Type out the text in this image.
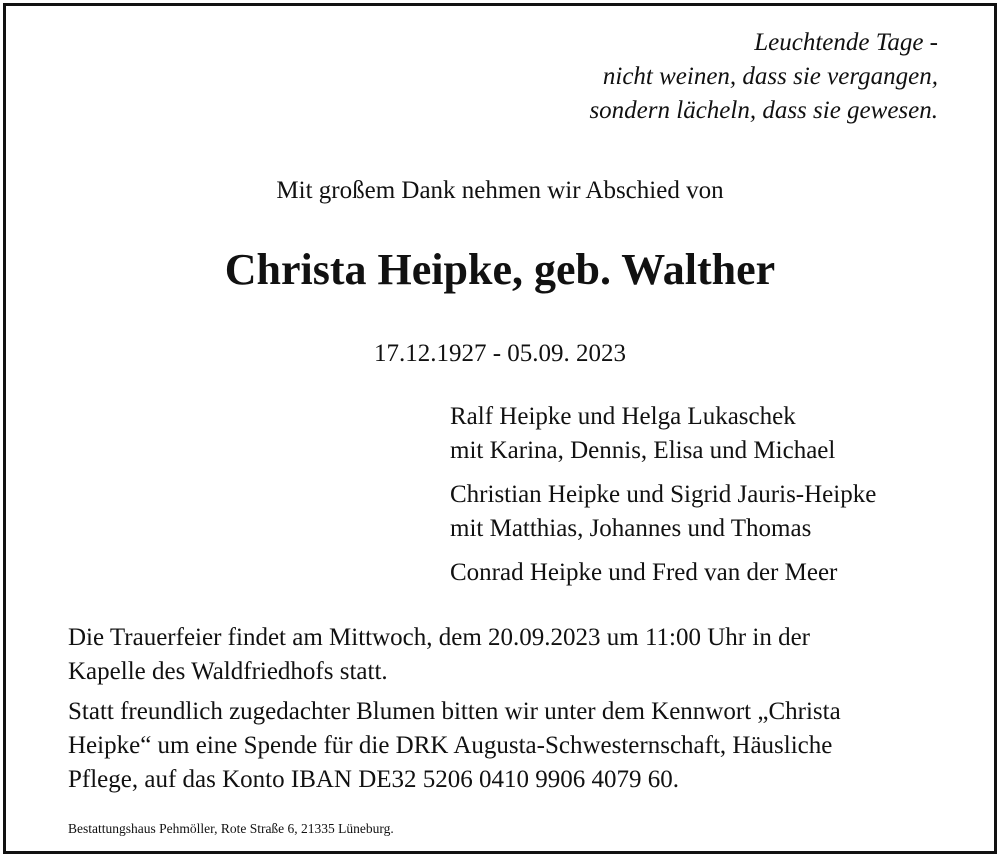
Leuchtende Tage -
nicht weinen, dass sie vergangen,
sondern lächeln, dass sie gewesen.
Mit großem Dank nehmen wir Abschied von
Christa Heipke, geb. Walther
17.12.1927 - 05.09. 2023
Ralf Heipke und Helga Lukaschek
mit Karina, Dennis, Elisa und Michael
Christian Heipke und Sigrid Jauris-Heipke
mit Matthias, Johannes und Thomas
Conrad Heipke und Fred van der Meer

Die Trauerfeier findet am Mittwoch, dem 20.09.2023 um 11:00 Uhr in der
Kapelle des Waldfriedhofs statt.

Statt freundlich zugedachter Blumen bitten wir unter dem Kennwort „Christa
Heipke“ um eine Spende für die DRK Augusta-Schwesternschaft, Häusliche
Pflege, auf das Konto IBAN DE32 5206 0410 9906 4079 60.

Bestattungshaus Pehmöller, Rote Straße 6, 21335 Lüneburg.
